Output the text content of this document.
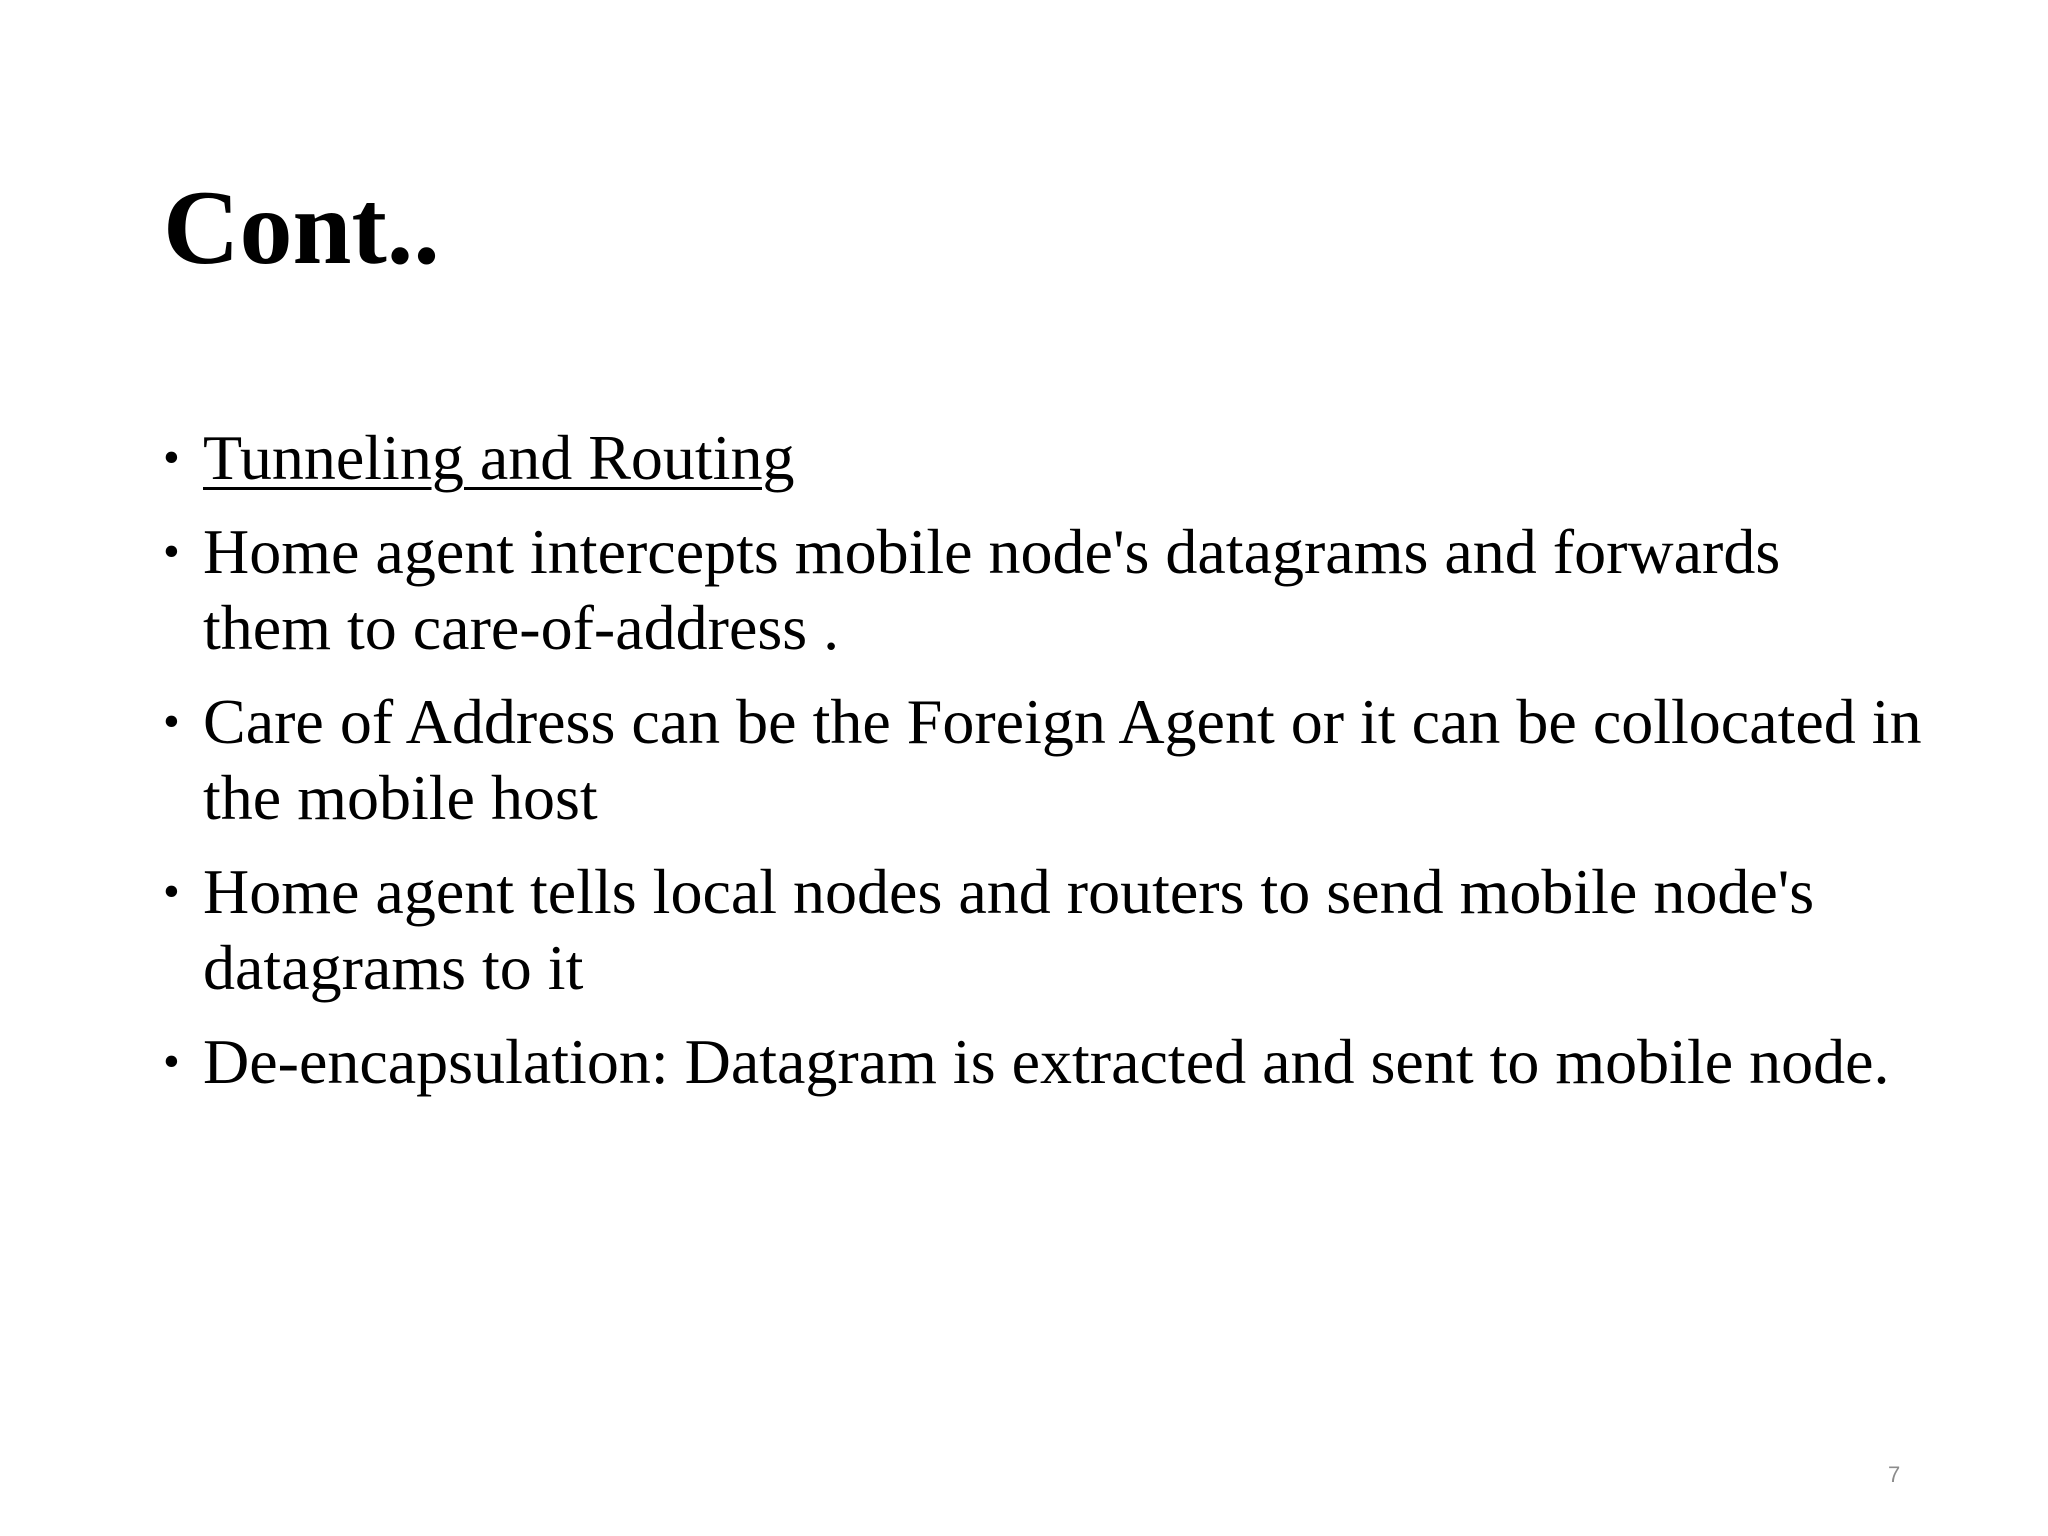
Cont..
• Tunneling and Routing
• Home agent intercepts mobile node's datagrams and forwards them to care-of-address .
• Care of Address can be the Foreign Agent or it can be collocated in the mobile host
• Home agent tells local nodes and routers to send mobile node's datagrams to it
• De-encapsulation: Datagram is extracted and sent to mobile node.
7
